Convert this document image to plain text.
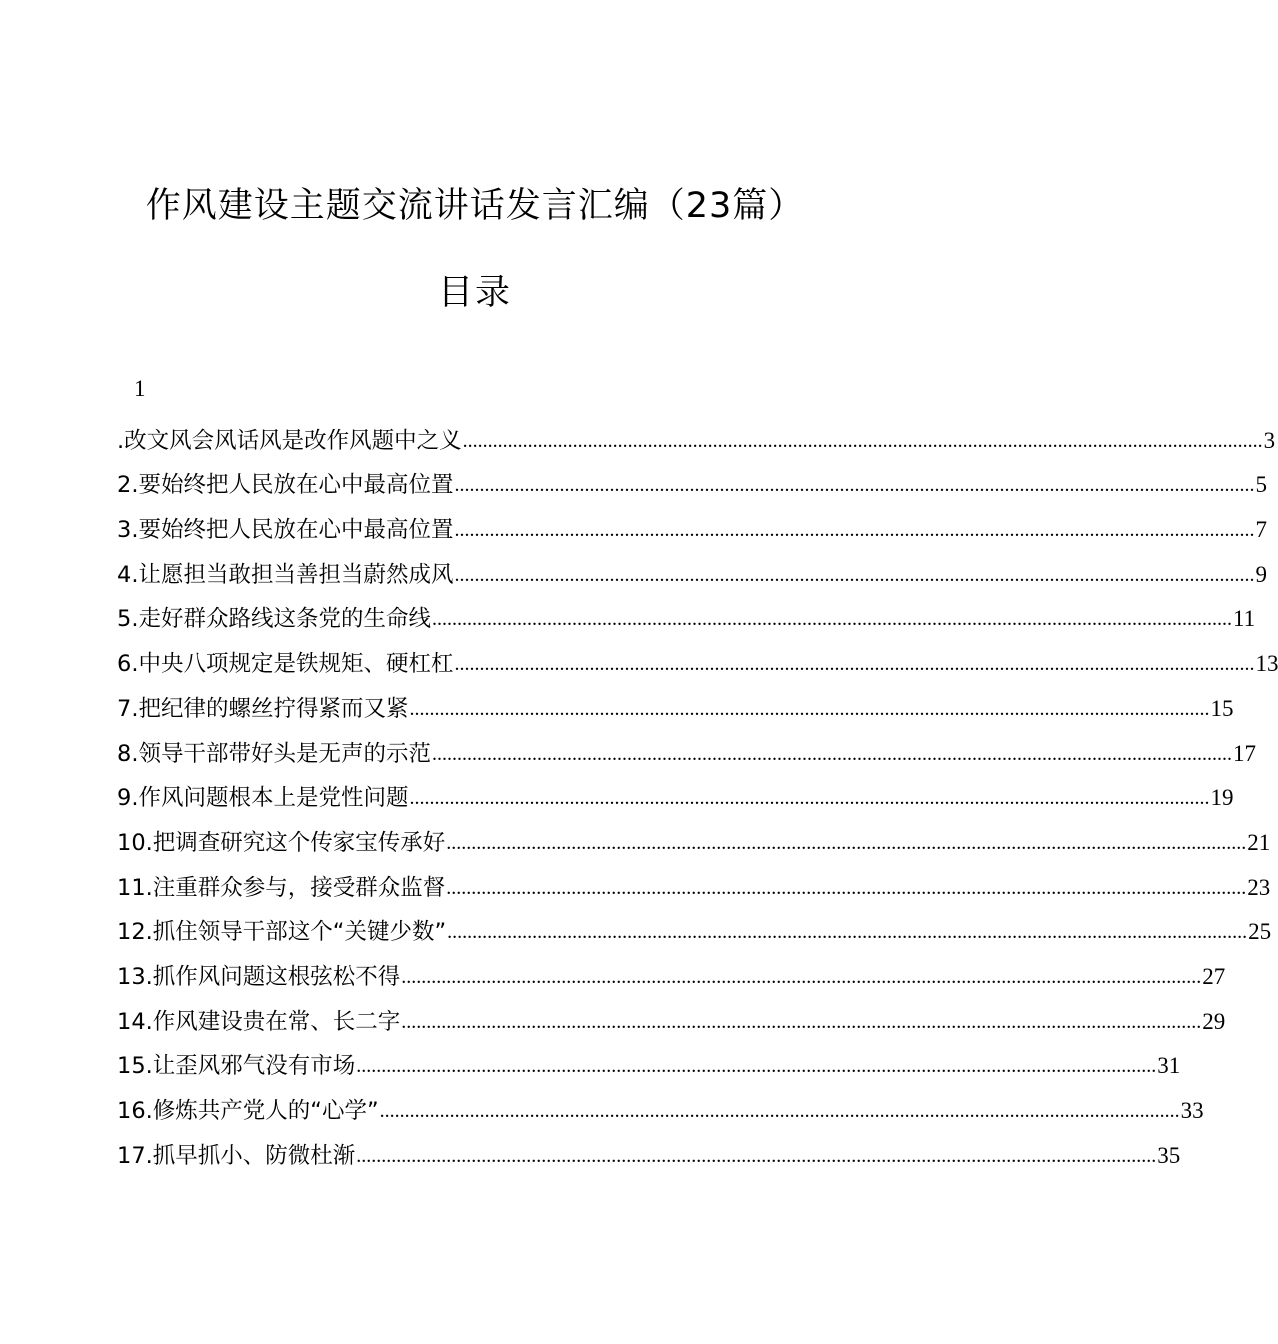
作风建设主题交流讲话发言汇编（23篇）
目录
1
.改文风会风话风是改作风题中之义 ................................................................................................................................................................ 3
2.要始终把人民放在心中最高位置 ................................................................................................................................................................ 5
3.要始终把人民放在心中最高位置 ................................................................................................................................................................ 7
4.让愿担当敢担当善担当蔚然成风 ................................................................................................................................................................ 9
5.走好群众路线这条党的生命线 ................................................................................................................................................................ 11
6.中央八项规定是铁规矩、硬杠杠 ................................................................................................................................................................ 13
7.把纪律的螺丝拧得紧而又紧 ................................................................................................................................................................ 15
8.领导干部带好头是无声的示范 ................................................................................................................................................................ 17
9.作风问题根本上是党性问题 ................................................................................................................................................................ 19
10.把调查研究这个传家宝传承好 ................................................................................................................................................................ 21
11.注重群众参与，接受群众监督 ................................................................................................................................................................ 23
12.抓住领导干部这个“关键少数” ................................................................................................................................................................ 25
13.抓作风问题这根弦松不得 ................................................................................................................................................................ 27
14.作风建设贵在常、长二字 ................................................................................................................................................................ 29
15.让歪风邪气没有市场 ................................................................................................................................................................ 31
16.修炼共产党人的“心学” ................................................................................................................................................................ 33
17.抓早抓小、防微杜渐 ................................................................................................................................................................ 35
